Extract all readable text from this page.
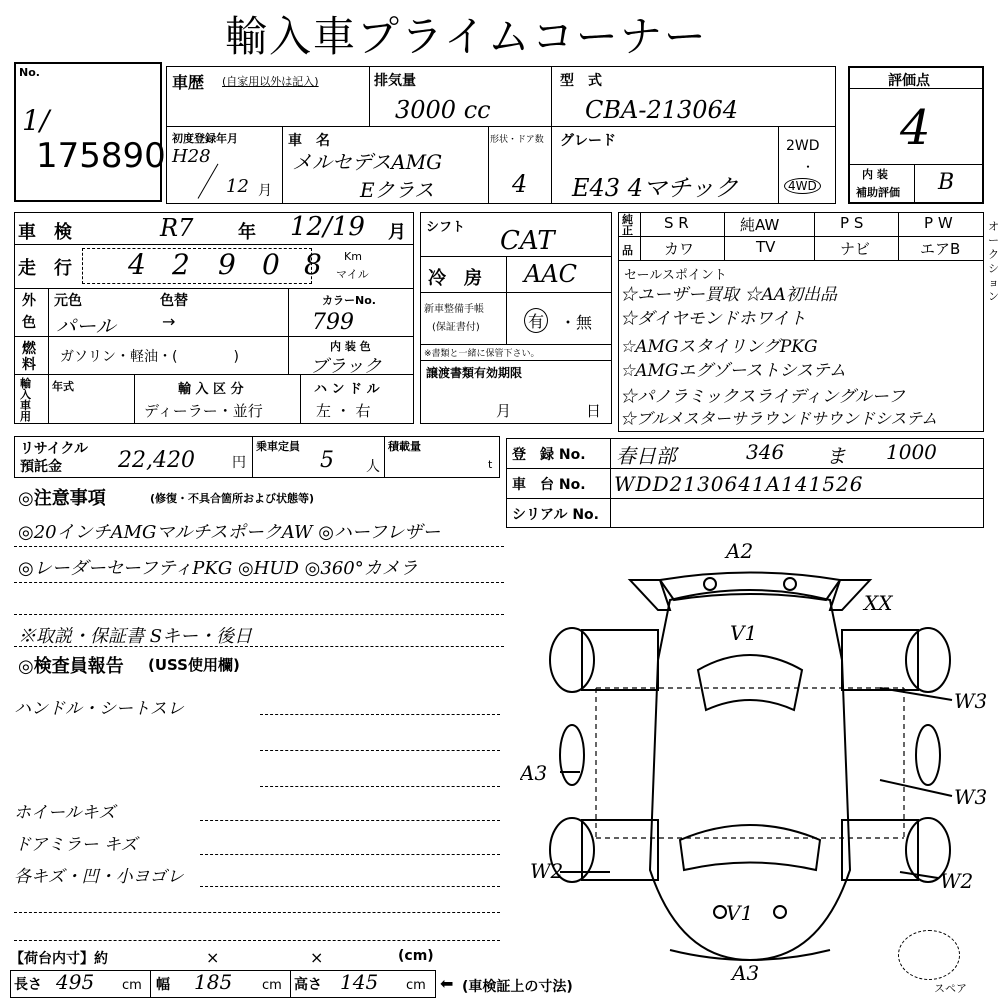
輸入車プライムコーナー
No.
1/
175890
車歴 (自家用以外は記入)	排気量
3000 cc
型　式
CBA-213064
初度登録年月
H28
12 月
車　名
メルセデスAMG
Eクラス
形状・ドア数
4
グレード
E43 4マチック
2WD
・
4WD
評価点
4
内 装
補助評価 B
車　検	R7 年 12/19 月
走　行 4 2 9 0 8 Km
マイル
外
色
元色	色替
パール	→
カラーNo.
799
燃
料 ガソリン・軽油・(　　　　)
内 装 色
ブラック
輸入車用
年式	輸 入 区 分
ディーラー・並行
ハ ン ド ル
左 ・ 右
シフト CAT
冷　房 AAC
新車整備手帳
(保証書付)	有 ・ 無
※書類と一緒に保管下さい。
譲渡書類有効期限
月	日
純正
品
S R	純AW	P S	P W
カワ	TV	ナビ	エアB
セールスポイント
☆ユーザー買取 ☆AA初出品
☆ダイヤモンドホワイト
☆AMGスタイリングPKG
☆AMGエグゾーストシステム
☆パノラミックスライディングルーフ
☆ブルメスターサラウンドサウンドシステム
リサイクル
預託金	22,420	円
乗車定員
5 人
積載量
t
登　録 No. 春日部	346 ま 1000
車　台 No. WDD2130641A141526
シリアル No.
◎注意事項	(修復・不具合箇所および状態等)
◎20インチAMGマルチスポークAW ◎ハーフレザー
◎レーダーセーフティPKG ◎HUD ◎360°カメラ
※取説・保証書 Sキー・後日
◎検査員報告 (USS使用欄)
ハンドル・シートスレ
ホイールキズ
ドアミラー キズ
各キズ・凹・小ヨゴレ
A2
V1
XX
W3
W3
A3
W2	W2
V1
A3
スペア
【荷台内寸】約	×	×	(cm)
長さ 495 cm 幅 185 cm 高さ 145 cm ⬅ (車検証上の寸法)
オークション
